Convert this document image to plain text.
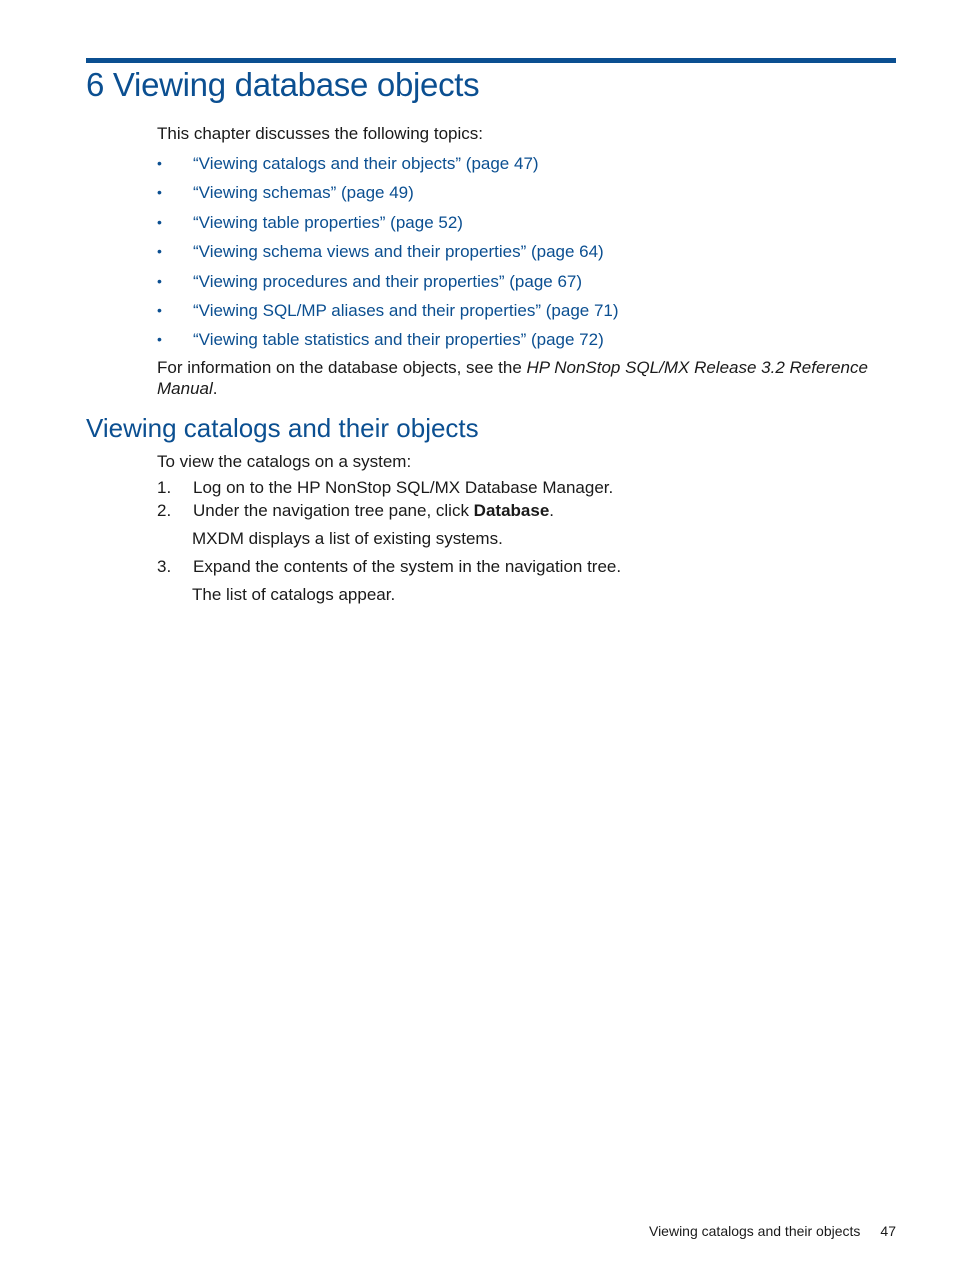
6 Viewing database objects

This chapter discusses the following topics:

• “Viewing catalogs and their objects” (page 47)
• “Viewing schemas” (page 49)
• “Viewing table properties” (page 52)
• “Viewing schema views and their properties” (page 64)
• “Viewing procedures and their properties” (page 67)
• “Viewing SQL/MP aliases and their properties” (page 71)
• “Viewing table statistics and their properties” (page 72)

For information on the database objects, see the HP NonStop SQL/MX Release 3.2 Reference Manual.

Viewing catalogs and their objects

To view the catalogs on a system:

1. Log on to the HP NonStop SQL/MX Database Manager.
2. Under the navigation tree pane, click Database.

MXDM displays a list of existing systems.

3. Expand the contents of the system in the navigation tree.

The list of catalogs appear.

Viewing catalogs and their objects 47
